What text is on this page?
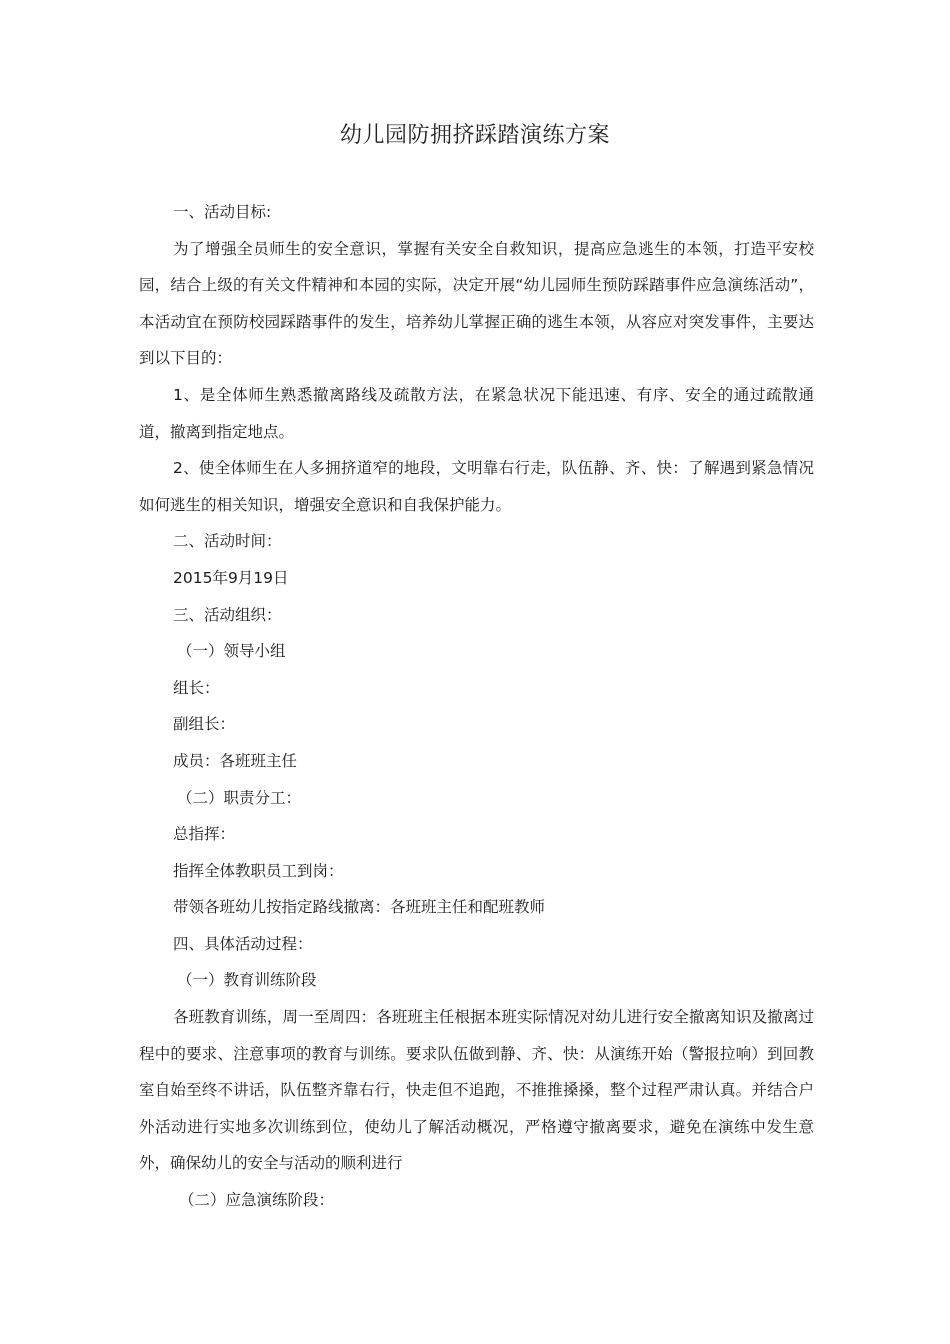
幼儿园防拥挤踩踏演练方案

一、活动目标:

为了增强全员师生的安全意识，掌握有关安全自救知识，提高应急逃生的本领，打造平安校园，结合上级的有关文件精神和本园的实际，决定开展“幼儿园师生预防踩踏事件应急演练活动”，本活动宜在预防校园踩踏事件的发生，培养幼儿掌握正确的逃生本领，从容应对突发事件，主要达到以下目的：

1、是全体师生熟悉撤离路线及疏散方法，在紧急状况下能迅速、有序、安全的通过疏散通道，撤离到指定地点。

2、使全体师生在人多拥挤道窄的地段，文明靠右行走，队伍静、齐、快：了解遇到紧急情况如何逃生的相关知识，增强安全意识和自我保护能力。

二、活动时间：

2015年9月19日

三、活动组织：

（一）领导小组

组长：

副组长：

成员：各班班主任

（二）职责分工：

总指挥：

指挥全体教职员工到岗：

带领各班幼儿按指定路线撤离：各班班主任和配班教师

四、具体活动过程：

（一）教育训练阶段

各班教育训练，周一至周四：各班班主任根据本班实际情况对幼儿进行安全撤离知识及撤离过程中的要求、注意事项的教育与训练。要求队伍做到静、齐、快：从演练开始（警报拉响）到回教室自始至终不讲话，队伍整齐靠右行，快走但不追跑，不推推搡搡，整个过程严肃认真。并结合户外活动进行实地多次训练到位，使幼儿了解活动概况，严格遵守撤离要求，避免在演练中发生意外，确保幼儿的安全与活动的顺利进行

（二）应急演练阶段：
